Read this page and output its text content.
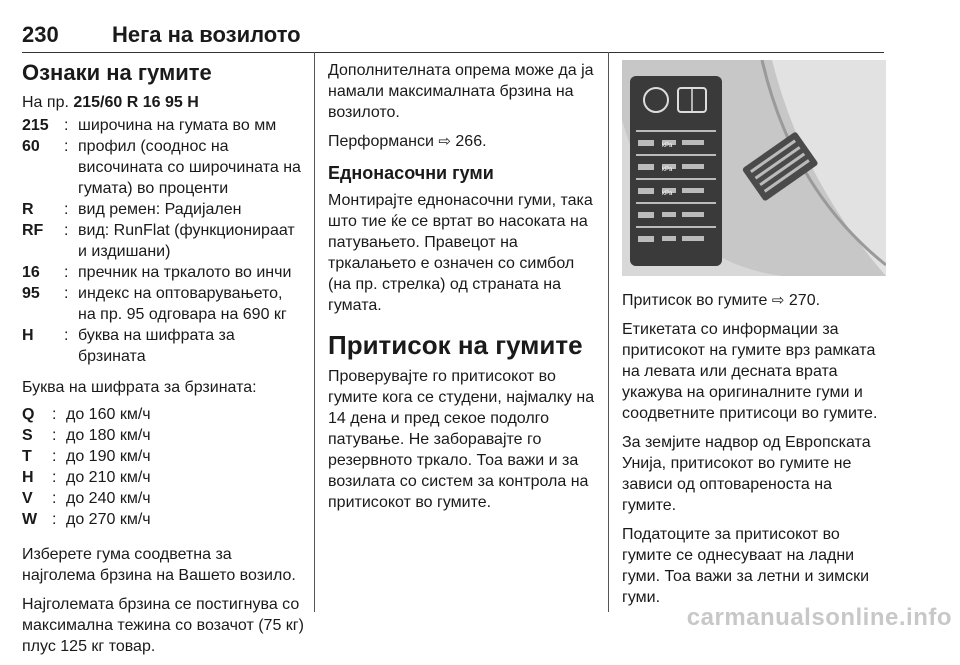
230 Нега на возилото
Ознаки на гумите

На пр. 215/60 R 16 95 H

215 : широчина на гумата во мм
60	: профил (сооднос на височината со широчината на гумата) во проценти
R	: вид ремен: Радијален
RF	: вид: RunFlat (функционираат и издишани)
16	: пречник на тркалото во инчи
95	: индекс на оптоварувањето, на пр. 95 одговара на 690 кг
H	: буква на шифрата за брзината

Буква на шифрата за брзината:

Q	: до 160 км/ч
S	: до 180 км/ч
T	: до 190 км/ч
H	: до 210 км/ч
V	: до 240 км/ч
W : до 270 км/ч

Изберете гума соодветна за најголема брзина на Вашето возило.

Најголемата брзина се постигнува со максимална тежина со возачот (75 кг) плус 125 кг товар.

Дополнителната опрема може да ја намали максималната брзина на возилото.

Перформанси ⇨ 266.

Еднонасочни гуми

Монтирајте еднонасочни гуми, така што тие ќе се вртат во насоката на патувањето. Правецот на тркалањето е означен со симбол (на пр. стрелка) од страната на гумата.

Притисок на гумите

Проверувајте го притисокот во гумите кога се студени, најмалку на 14 дена и пред секое подолго патување. Не заборавајте го резервното тркало. Тоа важи и за возилата со систем за контрола на притисокот во гумите.

kPa
kPa
kPa

Притисок во гумите ⇨ 270.

Етикетата со информации за притисокот на гумите врз рамката на левата или десната врата укажува на оригиналните гуми и соодветните притисоци во гумите.

За земјите надвор од Европската Унија, притисокот во гумите не зависи од оптовареноста на гумите.

Податоците за притисокот во гумите се однесуваат на ладни гуми. Тоа важи за летни и зимски гуми.

carmanualsonline.info
